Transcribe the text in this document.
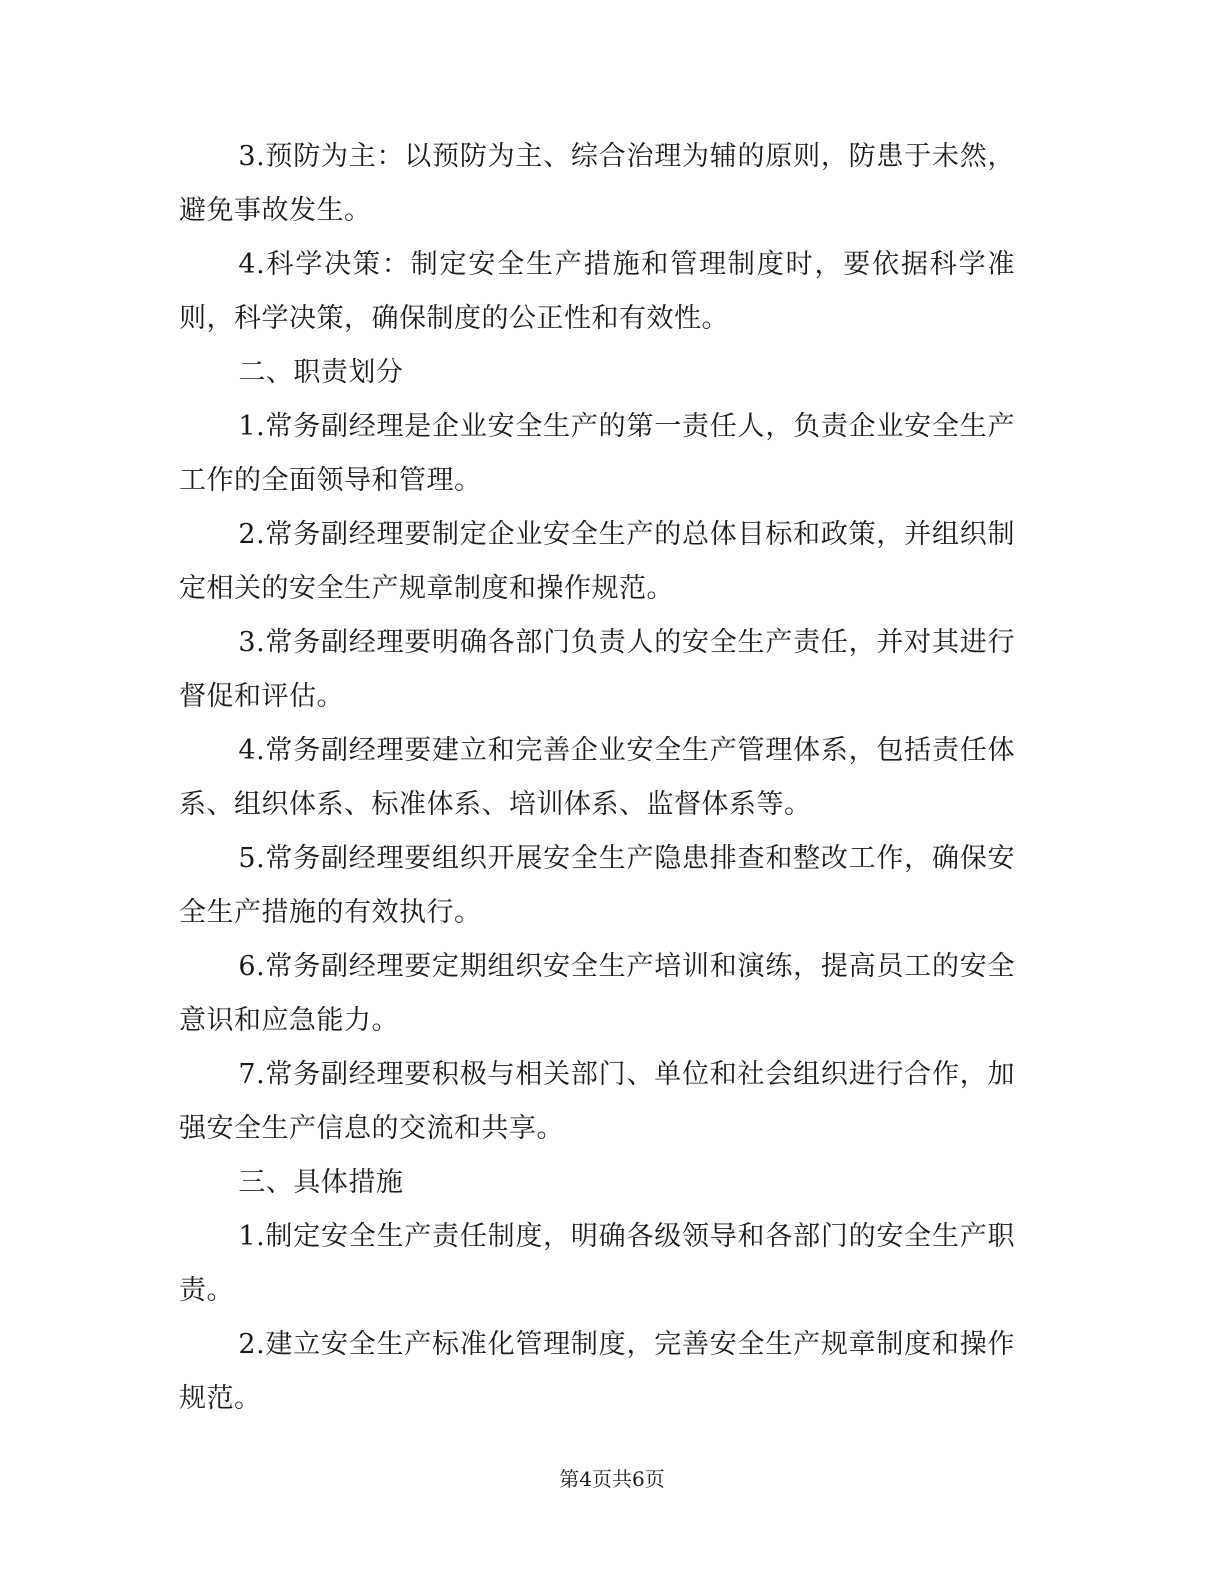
3.预防为主：以预防为主、综合治理为辅的原则，防患于未然，避免事故发生。

4.科学决策：制定安全生产措施和管理制度时，要依据科学准则，科学决策，确保制度的公正性和有效性。

二、职责划分

1.常务副经理是企业安全生产的第一责任人，负责企业安全生产工作的全面领导和管理。

2.常务副经理要制定企业安全生产的总体目标和政策，并组织制定相关的安全生产规章制度和操作规范。

3.常务副经理要明确各部门负责人的安全生产责任，并对其进行督促和评估。

4.常务副经理要建立和完善企业安全生产管理体系，包括责任体系、组织体系、标准体系、培训体系、监督体系等。

5.常务副经理要组织开展安全生产隐患排查和整改工作，确保安全生产措施的有效执行。

6.常务副经理要定期组织安全生产培训和演练，提高员工的安全意识和应急能力。

7.常务副经理要积极与相关部门、单位和社会组织进行合作，加强安全生产信息的交流和共享。

三、具体措施

1.制定安全生产责任制度，明确各级领导和各部门的安全生产职责。

2.建立安全生产标准化管理制度，完善安全生产规章制度和操作规范。

第4页共6页
